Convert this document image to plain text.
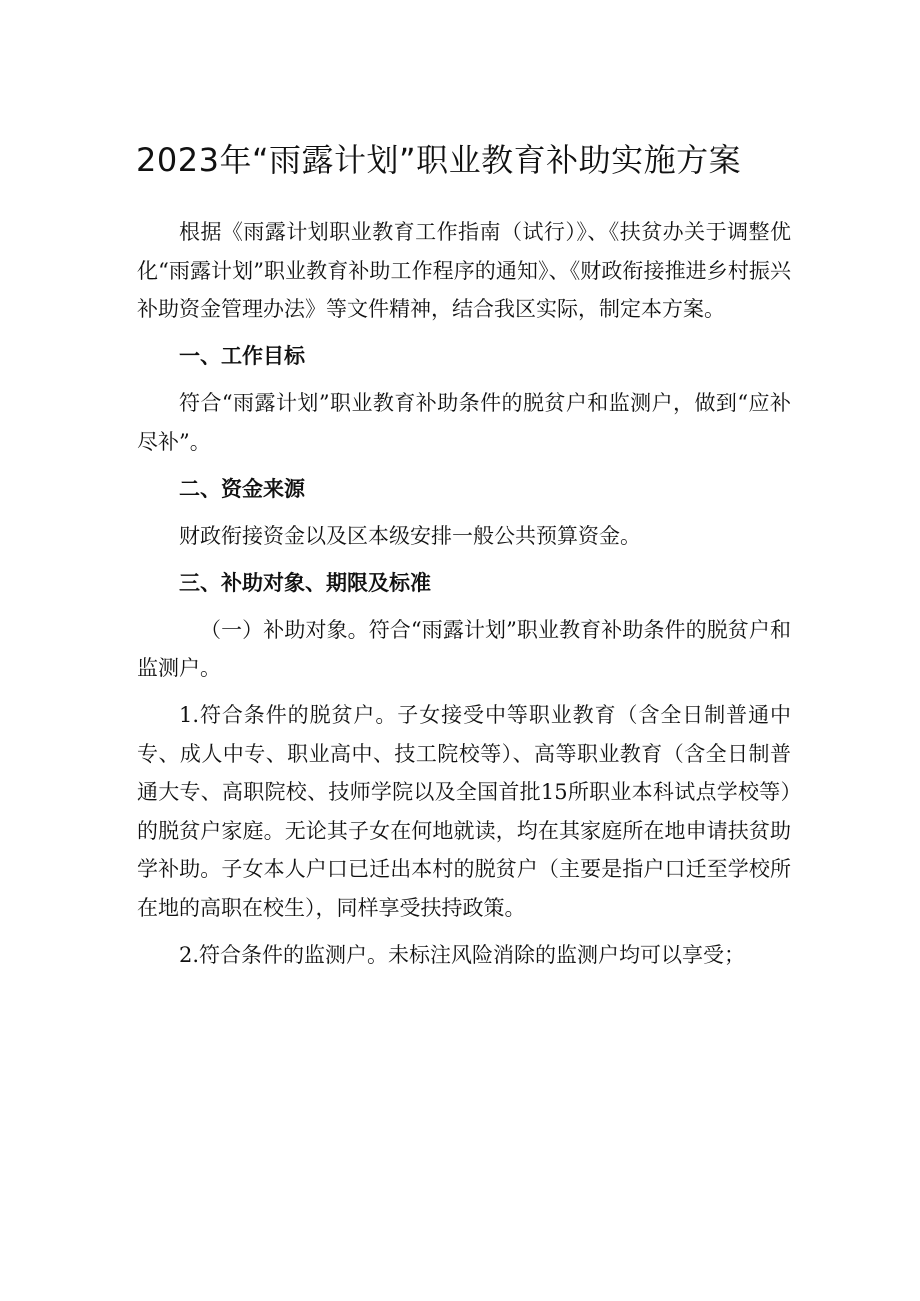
2023年“雨露计划”职业教育补助实施方案

根据《雨露计划职业教育工作指南（试行）》、《扶贫办关于调整优化“雨露计划”职业教育补助工作程序的通知》、《财政衔接推进乡村振兴补助资金管理办法》等文件精神，结合我区实际，制定本方案。

一、工作目标

符合“雨露计划”职业教育补助条件的脱贫户和监测户，做到“应补尽补”。

二、资金来源

财政衔接资金以及区本级安排一般公共预算资金。

三、补助对象、期限及标准

（一）补助对象。符合“雨露计划”职业教育补助条件的脱贫户和监测户。

1.符合条件的脱贫户。子女接受中等职业教育（含全日制普通中专、成人中专、职业高中、技工院校等）、高等职业教育（含全日制普通大专、高职院校、技师学院以及全国首批15所职业本科试点学校等）的脱贫户家庭。无论其子女在何地就读，均在其家庭所在地申请扶贫助学补助。子女本人户口已迁出本村的脱贫户（主要是指户口迁至学校所在地的高职在校生），同样享受扶持政策。

2.符合条件的监测户。未标注风险消除的监测户均可以享受；
